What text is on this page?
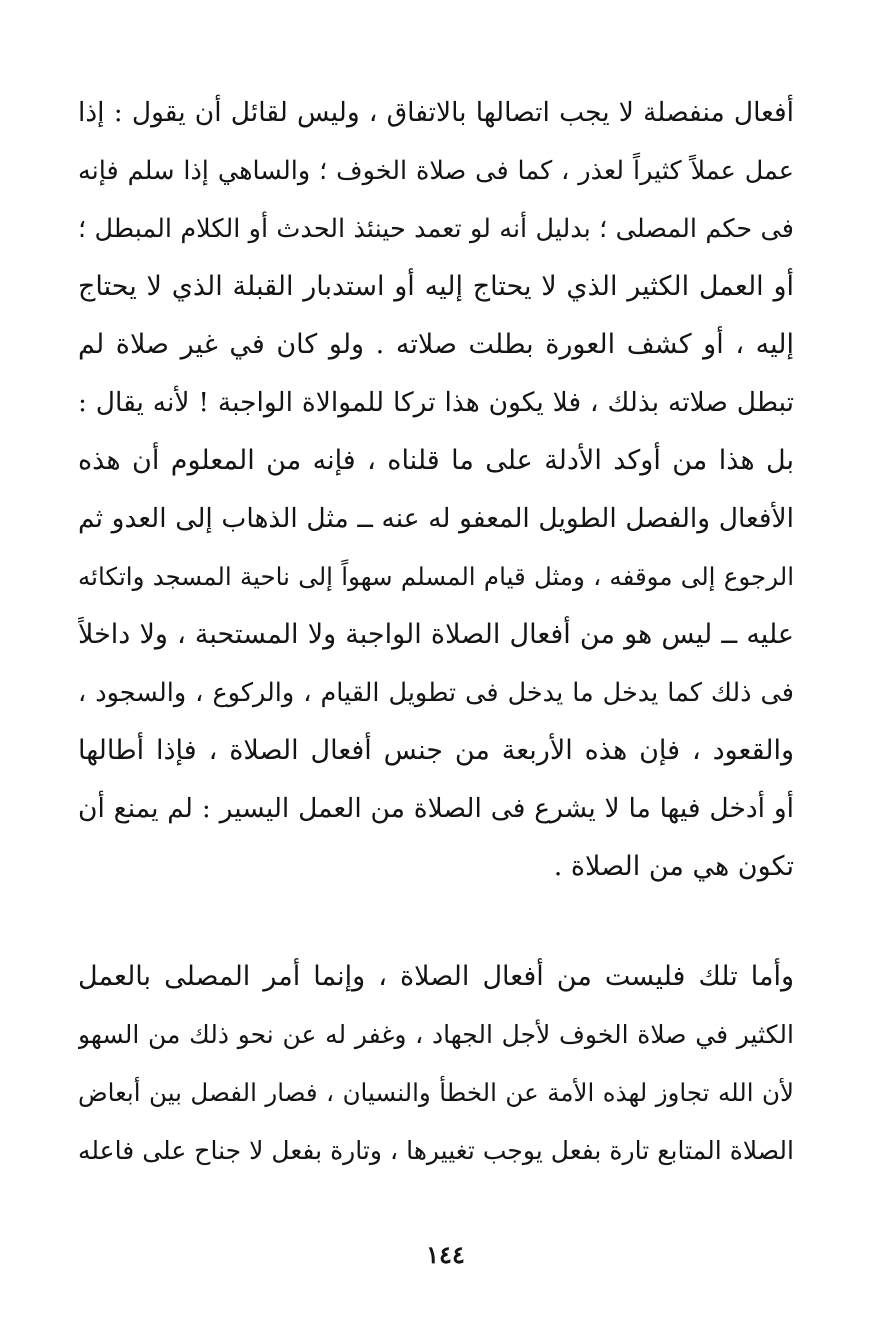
أفعال منفصلة لا يجب اتصالها بالاتفاق ، وليس لقائل أن يقول : إذا
عمل عملاً كثيراً لعذر ، كما فى صلاة الخوف ؛ والساهي إذا سلم فإنه
فى حكم المصلى ؛ بدليل أنه لو تعمد حينئذ الحدث أو الكلام المبطل ؛
أو العمل الكثير الذي لا يحتاج إليه أو استدبار القبلة الذي لا يحتاج
إليه ، أو كشف العورة بطلت صلاته . ولو كان في غير صلاة لم
تبطل صلاته بذلك ، فلا يكون هذا تركا للموالاة الواجبة ! لأنه يقال :
بل هذا من أوكد الأدلة على ما قلناه ، فإنه من المعلوم أن هذه
الأفعال والفصل الطويل المعفو له عنه ــ مثل الذهاب إلى العدو ثم
الرجوع إلى موقفه ، ومثل قيام المسلم سهواً إلى ناحية المسجد واتكائه
عليه ــ ليس هو من أفعال الصلاة الواجبة ولا المستحبة ، ولا داخلاً
فى ذلك كما يدخل ما يدخل فى تطويل القيام ، والركوع ، والسجود ،
والقعود ، فإن هذه الأربعة من جنس أفعال الصلاة ، فإذا أطالها
أو أدخل فيها ما لا يشرع فى الصلاة من العمل اليسير : لم يمنع أن
تكون هي من الصلاة .
وأما تلك فليست من أفعال الصلاة ، وإنما أمر المصلى بالعمل
الكثير في صلاة الخوف لأجل الجهاد ، وغفر له عن نحو ذلك من السهو
لأن الله تجاوز لهذه الأمة عن الخطأ والنسيان ، فصار الفصل بين أبعاض
الصلاة المتابع تارة بفعل يوجب تغييرها ، وتارة بفعل لا جناح على فاعله
١٤٤
